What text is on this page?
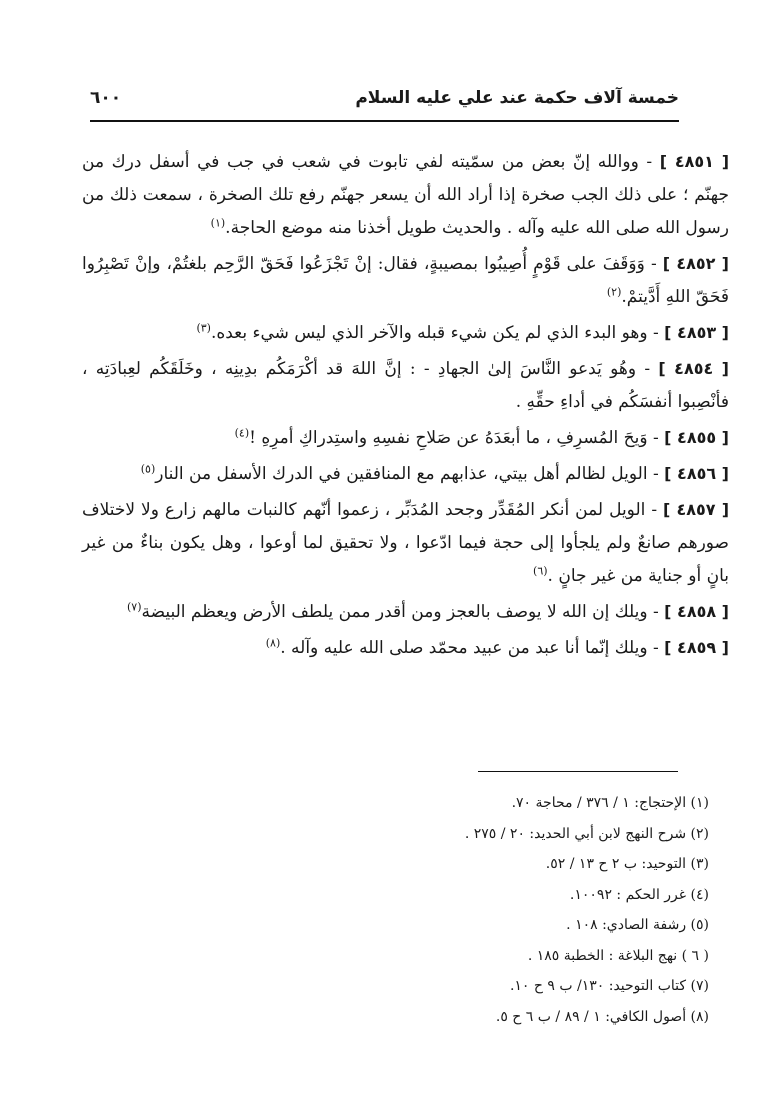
خمسة آلاف حكمة عند علي عليه السلام
٦٠٠

[ ٤٨٥١ ] - ووالله إنّ بعض من سمّيته لفي تابوت في شعب في جب في أسفل درك من جهنّم ؛ على ذلك الجب صخرة إذا أراد الله أن يسعر جهنّم رفع تلك الصخرة ، سمعت ذلك من رسول الله صلى الله عليه وآله . والحديث طويل أخذنا منه موضع الحاجة.$^{(١)}$

[ ٤٨٥٢ ] - وَوَقَفَ على قَوْمٍ أُصِيبُوا بمصيبةٍ، فقال: إنْ تَجْزَعُوا فَحَقّ الرَّحِم بلغتُمْ، وإنْ تَصْبِرُوا فَحَقّ اللهِ أَدَّيتمْ.$^{(٢)}$

[ ٤٨٥٣ ] - وهو البدء الذي لم يكن شيء قبله والآخر الذي ليس شيء بعده.$^{(٣)}$

[ ٤٨٥٤ ] - وهُو يَدعو النَّاسَ إلىٰ الجهادِ - : إنَّ اللهَ قد أكْرَمَكُم بدِينِه ، وخَلَقَكُم لعِبادَتِه ، فأنْصِبوا أنفسَكُم في أداءِ حقِّهِ .

[ ٤٨٥٥ ] - وَيحَ المُسرِفِ ، ما أبعَدَهُ عن صَلاحِ نفسِهِ واستِدراكِ أمرِهِ !$^{(٤)}$

[ ٤٨٥٦ ] - الويل لظالم أهل بيتي، عذابهم مع المنافقين في الدرك الأسفل من النار$^{(٥)}$

[ ٤٨٥٧ ] - الويل لمن أنكر المُقَدِّر وجحد المُدَبِّر ، زعموا أنّهم كالنبات مالهم زارع ولا لاختلاف صورهم صانعٌ ولم يلجأوا إلى حجة فيما ادّعوا ، ولا تحقيق لما أوعوا ، وهل يكون بناءٌ من غير بانٍ أو جناية من غير جانٍ .$^{(٦)}$

[ ٤٨٥٨ ] - ويلك إن الله لا يوصف بالعجز ومن أقدر ممن يلطف الأرض ويعظم البيضة$^{(٧)}$

[ ٤٨٥٩ ] - ويلك إنّما أنا عبد من عبيد محمّد صلى الله عليه وآله .$^{(٨)}$

(١) الإحتجاج: ١ / ٣٧٦ / محاجة ٧٠.
(٢) شرح النهج لابن أبي الحديد: ٢٠ / ٢٧٥ .
(٣) التوحيد: ب ٢ ح ١٣ / ٥٢.
(٤) غرر الحكم : ١٠٠٩٢.
(٥) رشفة الصادي: ١٠٨ .
( ٦ ) نهج البلاغة : الخطبة ١٨٥ .
(٧) كتاب التوحيد: ١٣٠/ ب ٩ ح ١٠.
(٨) أصول الكافي: ١ / ٨٩ / ب ٦ ح ٥.
